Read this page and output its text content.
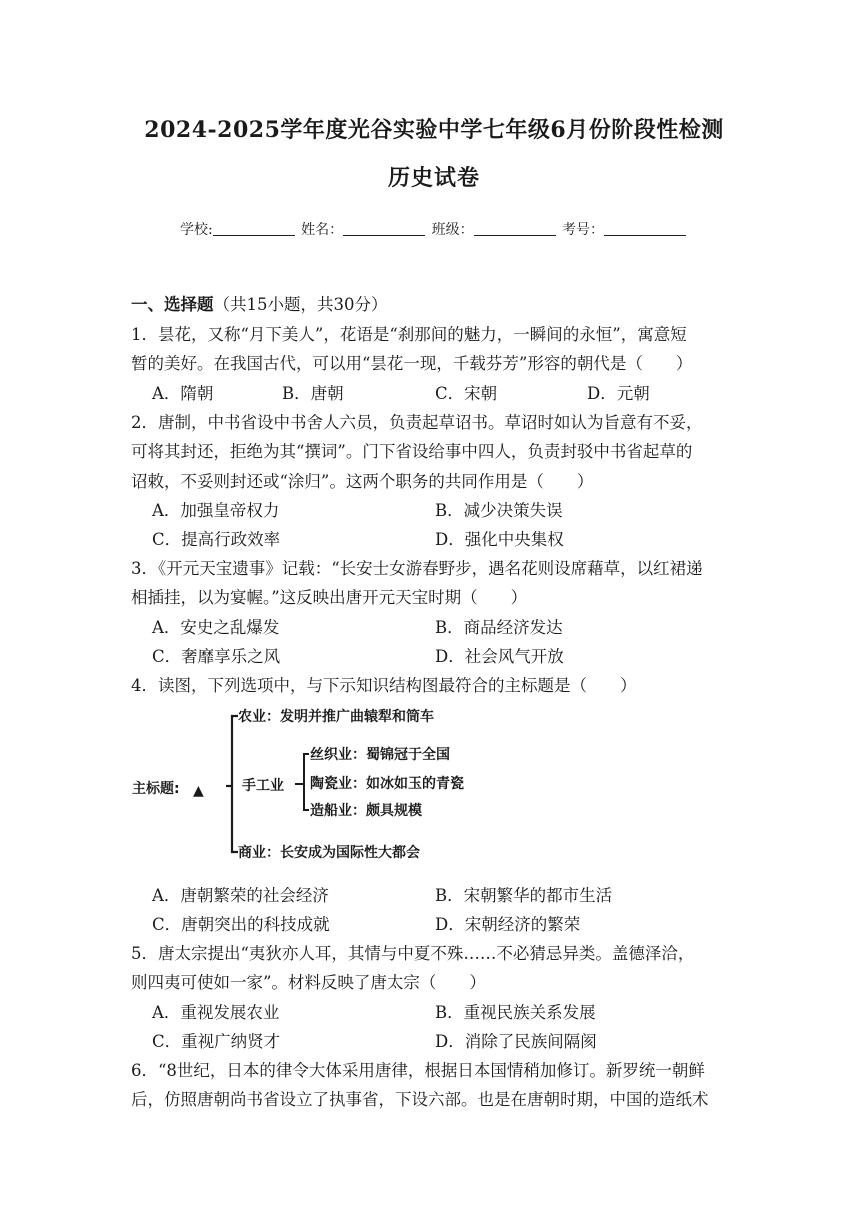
2024-2025学年度光谷实验中学七年级6月份阶段性检测
历史试卷
学校:	姓名：	班级：	考号：
一、选择题（共15小题，共30分）
1．昙花，又称“月下美人”，花语是“刹那间的魅力，一瞬间的永恒”，寓意短
暂的美好。在我国古代，可以用“昙花一现，千载芬芳”形容的朝代是（　　）
A．隋朝	B．唐朝	C．宋朝	D．元朝
2．唐制，中书省设中书舍人六员，负责起草诏书。草诏时如认为旨意有不妥，
可将其封还，拒绝为其“撰词”。门下省设给事中四人，负责封驳中书省起草的
诏敕，不妥则封还或“涂归”。这两个职务的共同作用是（　　）
A．加强皇帝权力	B．减少决策失误
C．提高行政效率	D．强化中央集权
3．《开元天宝遗事》记载：“长安士女游春野步，遇名花则设席藉草，以红裙递
相插挂，以为宴幄。”这反映出唐开元天宝时期（　　）
A．安史之乱爆发	B．商品经济发达
C．奢靡享乐之风	D．社会风气开放
4．读图，下列选项中，与下示知识结构图最符合的主标题是（　　）
主标题: ▲
农业：发明并推广曲辕犁和筒车
手工业
丝织业：蜀锦冠于全国
陶瓷业：如冰如玉的青瓷
造船业：颇具规模
商业：长安成为国际性大都会
A．唐朝繁荣的社会经济	B．宋朝繁华的都市生活
C．唐朝突出的科技成就	D．宋朝经济的繁荣
5．唐太宗提出“夷狄亦人耳，其情与中夏不殊……不必猜忌异类。盖德泽洽，
则四夷可使如一家”。材料反映了唐太宗（　　）
A．重视发展农业	B．重视民族关系发展
C．重视广纳贤才	D．消除了民族间隔阂
6．“8世纪，日本的律令大体采用唐律，根据日本国情稍加修订。新罗统一朝鲜
后，仿照唐朝尚书省设立了执事省，下设六部。也是在唐朝时期，中国的造纸术
